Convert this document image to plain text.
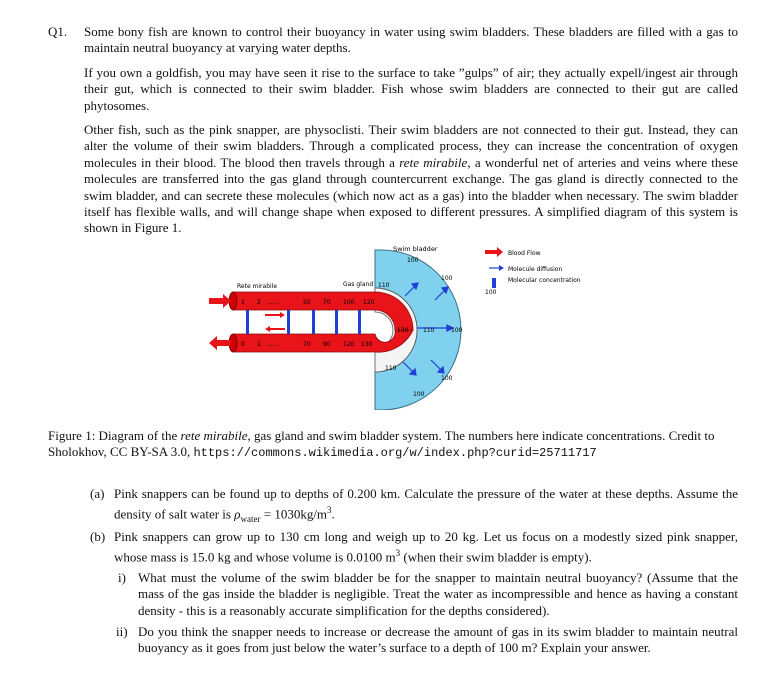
Q1. Some bony fish are known to control their buoyancy in water using swim bladders. These bladders are filled with a gas to maintain neutral buoyancy at varying water depths.

If you own a goldfish, you may have seen it rise to the surface to take ”gulps” of air; they actually expell/ingest air through their gut, which is connected to their swim bladder. Fish whose swim bladders are connected to their gut are called phytosomes.

Other fish, such as the pink snapper, are physoclisti. Their swim bladders are not connected to their gut. Instead, they can alter the volume of their swim bladders. Through a complicated process, they can increase the concentration of oxygen molecules in their blood. The blood then travels through a rete mirabile, a wonderful net of arteries and veins where these molecules are transferred into the gas gland through countercurrent exchange. The gas gland is directly connected to the swim bladder, and can secrete these molecules (which now act as a gas) into the bladder when necessary. The swim bladder itself has flexible walls, and will change shape when exposed to different pressures. A simplified diagram of this system is shown in Figure 1.

Swim bladder
Gas gland
Rete mirabile
1 2 ......	50 70 100 120
0 1 ......	70 90 120 130
110
130 110
110
100
100
100
100
100
Blood Flow
Molecule diffusion
Molecular concentration
100

Figure 1: Diagram of the rete mirabile, gas gland and swim bladder system. The numbers here indicate concentrations. Credit to Sholokhov, CC BY-SA 3.0, https://commons.wikimedia.org/w/index.php?curid=25711717

(a) Pink snappers can be found up to depths of 0.200 km. Calculate the pressure of the water at these depths. Assume the density of salt water is $\rho_{water} = 1030kg/m^3$.

(b) Pink snappers can grow up to 130 cm long and weigh up to 20 kg. Let us focus on a modestly sized pink snapper, whose mass is 15.0 kg and whose volume is 0.0100 $m^3$ (when their swim bladder is empty).

i) What must the volume of the swim bladder be for the snapper to maintain neutral buoyancy? (Assume that the mass of the gas inside the bladder is negligible. Treat the water as incompressible and hence as having a constant density - this is a reasonably accurate simplification for the depths considered).

ii) Do you think the snapper needs to increase or decrease the amount of gas in its swim bladder to maintain neutral buoyancy as it goes from just below the water’s surface to a depth of 100 m? Explain your answer.
